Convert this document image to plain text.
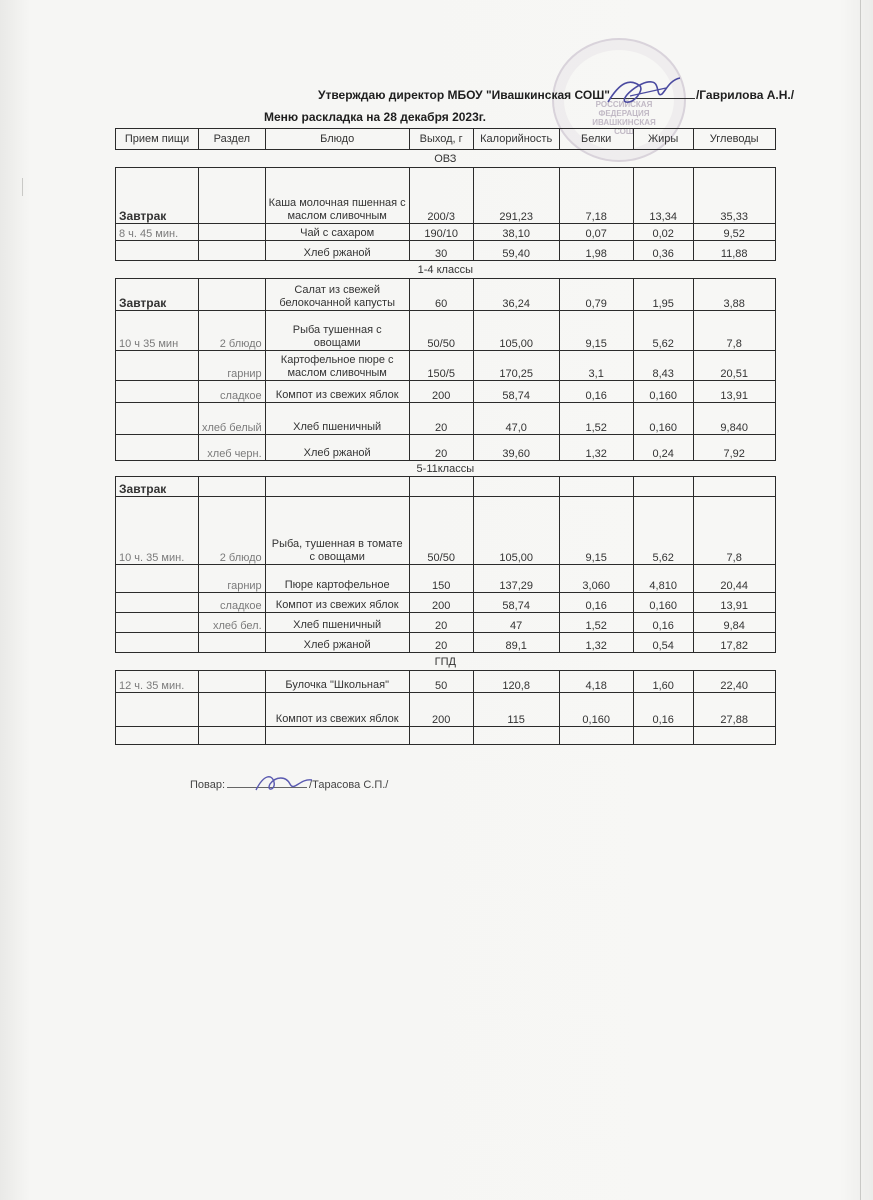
РОССИЙСКАЯ ФЕДЕРАЦИЯ ИВАШКИНСКАЯ СОШ
Утверждаю директор МБОУ "Ивашкинская СОШ"	/Гаврилова А.Н./
Меню раскладка на 28 декабря 2023г.
Прием пищи	Раздел	Блюдо	Выход, г	Калорийность	Белки	Жиры	Углеводы
ОВЗ							
Завтрак		Каша молочная пшенная с маслом сливочным	200/3	291,23	7,18	13,34	35,33
8 ч. 45 мин.		Чай с сахаром	190/10	38,10	0,07	0,02	9,52
		Хлеб ржаной	30	59,40	1,98	0,36	11,88
1-4 классы							
Завтрак		Салат из свежей белокочанной капусты	60	36,24	0,79	1,95	3,88
10 ч 35 мин	2 блюдо	Рыба тушенная с овощами	50/50	105,00	9,15	5,62	7,8
	гарнир	Картофельное пюре с маслом сливочным	150/5	170,25	3,1	8,43	20,51
	сладкое	Компот из свежих яблок	200	58,74	0,16	0,160	13,91
	хлеб белый	Хлеб пшеничный	20	47,0	1,52	0,160	9,840
	хлеб черн.	Хлеб ржаной	20	39,60	1,32	0,24	7,92
5-11классы							
Завтрак							
10 ч. 35 мин.	2 блюдо	Рыба, тушенная в томате с овощами	50/50	105,00	9,15	5,62	7,8
	гарнир	Пюре картофельное	150	137,29	3,060	4,810	20,44
	сладкое	Компот из свежих яблок	200	58,74	0,16	0,160	13,91
	хлеб бел.	Хлеб пшеничный	20	47	1,52	0,16	9,84
		Хлеб ржаной	20	89,1	1,32	0,54	17,82
ГПД							
12 ч. 35 мин.		Булочка "Школьная"	50	120,8	4,18	1,60	22,40
		Компот из свежих яблок	200	115	0,160	0,16	27,88

Повар:	/Тарасова С.П./
